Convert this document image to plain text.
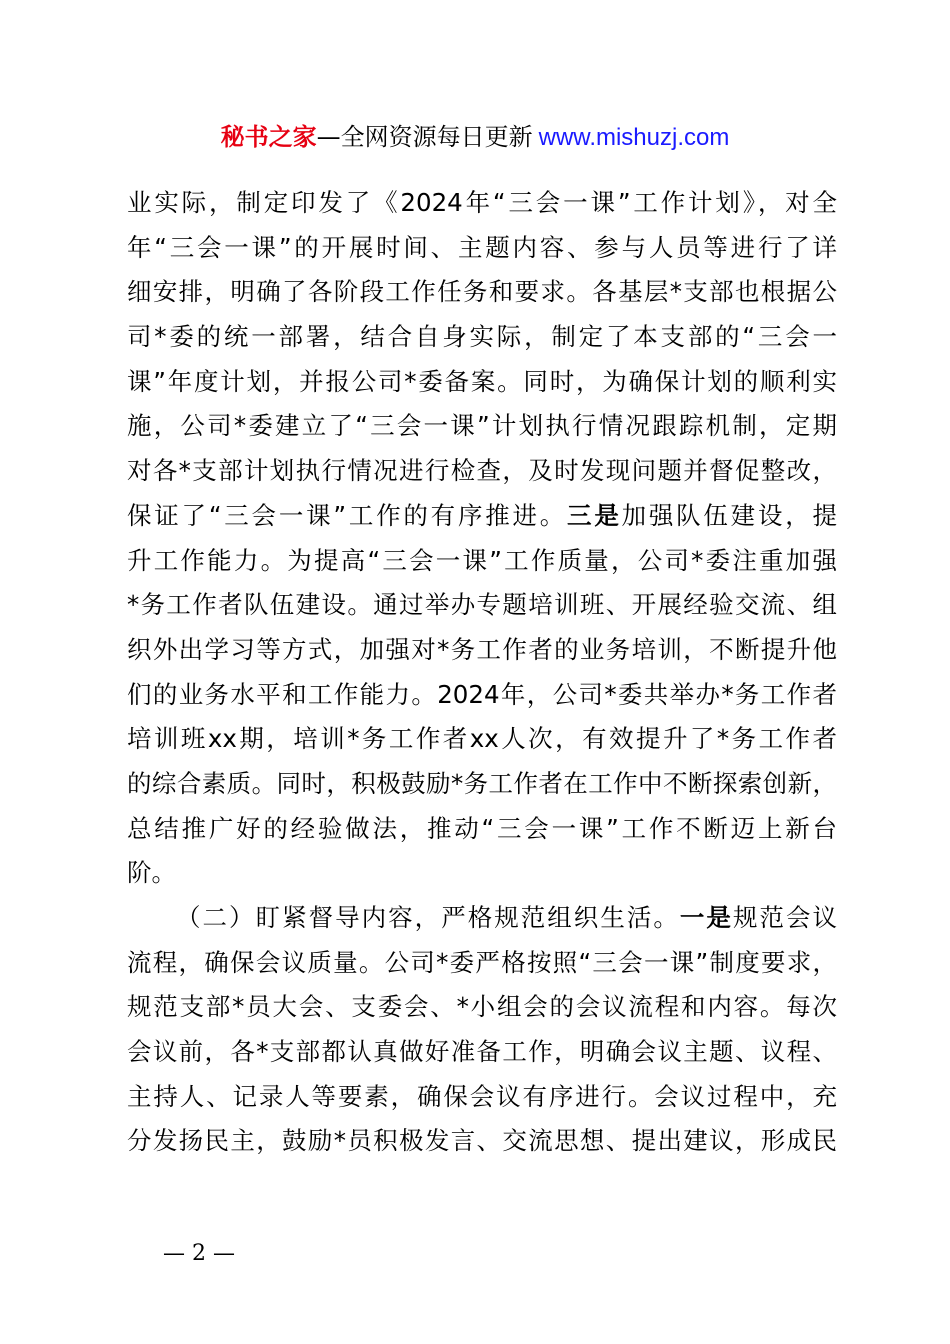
秘书之家—全网资源每日更新 www.mishuzj.com
业实际，制定印发了《2024年“三会一课”工作计划》，对全
年“三会一课”的开展时间、主题内容、参与人员等进行了详
细安排，明确了各阶段工作任务和要求。各基层*支部也根据公
司*委的统一部署，结合自身实际，制定了本支部的“三会一
课”年度计划，并报公司*委备案。同时，为确保计划的顺利实
施，公司*委建立了“三会一课”计划执行情况跟踪机制，定期
对各*支部计划执行情况进行检查，及时发现问题并督促整改，
保证了“三会一课”工作的有序推进。三是加强队伍建设，提
升工作能力。为提高“三会一课”工作质量，公司*委注重加强
*务工作者队伍建设。通过举办专题培训班、开展经验交流、组
织外出学习等方式，加强对*务工作者的业务培训，不断提升他
们的业务水平和工作能力。2024年，公司*委共举办*务工作者
培训班xx期，培训*务工作者xx人次，有效提升了*务工作者
的综合素质。同时，积极鼓励*务工作者在工作中不断探索创新，
总结推广好的经验做法，推动“三会一课”工作不断迈上新台
阶。
（二）盯紧督导内容，严格规范组织生活。一是规范会议
流程，确保会议质量。公司*委严格按照“三会一课”制度要求，
规范支部*员大会、支委会、*小组会的会议流程和内容。每次
会议前，各*支部都认真做好准备工作，明确会议主题、议程、
主持人、记录人等要素，确保会议有序进行。会议过程中，充
分发扬民主，鼓励*员积极发言、交流思想、提出建议，形成民
— 2 —
